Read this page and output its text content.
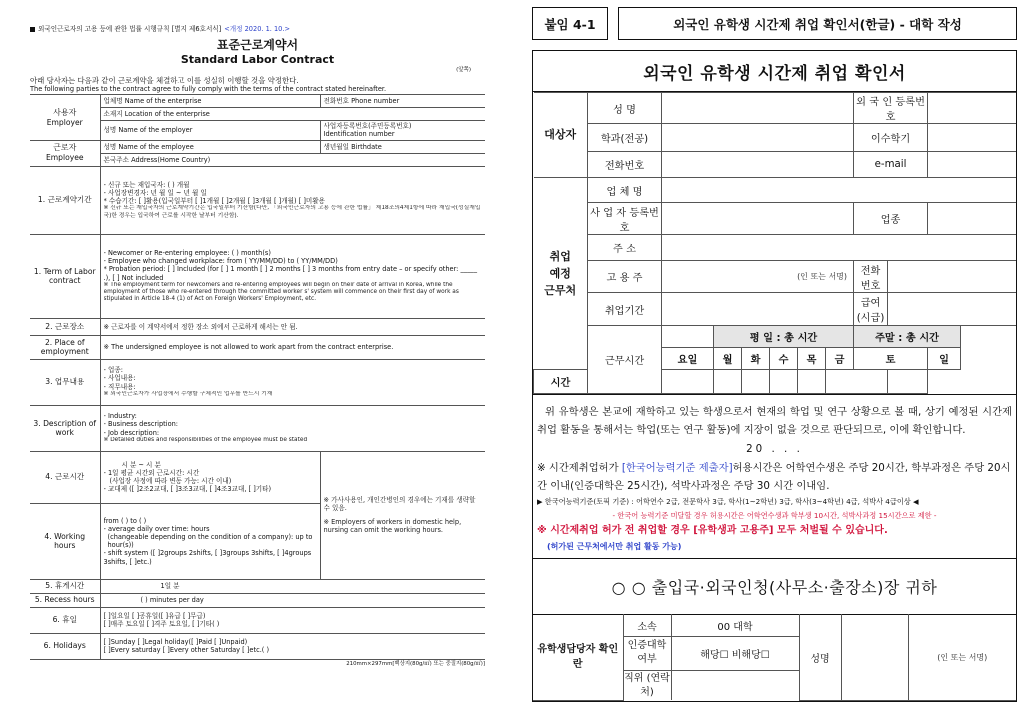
외국인근로자의 고용 등에 관한 법률 시행규칙 [별지 제6호서식] <개정 2020. 1. 10.>
표준근로계약서
Standard Labor Contract
(앞쪽)
아래 당사자는 다음과 같이 근로계약을 체결하고 이를 성실히 이행할 것을 약정한다.
The following parties to the contract agree to fully comply with the terms of the contract stated hereinafter.
사용자
Employer	업체명 Name of the enterprise	전화번호 Phone number
	소재지 Location of the enterprise	
	성명 Name of the employer	사업자등록번호(주민등록번호)
Identification number

근로자
Employee	성명 Name of the employee	생년월일 Birthdate
	본국주소 Address(Home Country)	
1. 근로계약기간	- 신규 또는 재입국자: ( ) 개월
- 사업장변경자: 년 월 일 ~ 년 월 일
* 수습기간: [ ]활용(입국일부터 [ ]1개월 [ ]2개월 [ ]3개월 [ ]개월) [ ]미활용
※ 신규 또는 재입국자의 근로계약기간은 입국일부터 기산함(다만, 「외국인근로자의 고용 등에 관한 법률」 제18조의4제1항에 따라 재입국(성실재입국)한 경우는 입국하여 근로를 시작한 날부터 기산함).	

1. Term of Labor contract	- Newcomer or Re-entering employee: ( ) month(s)
- Employee who changed workplace: from ( YY/MM/DD) to ( YY/MM/DD)
* Probation period: [ ] Included (for [ ] 1 month [ ] 2 months [ ] 3 months from entry date – or specify other: _____ .), [ ] Not included
※ The employment term for newcomers and re-entering employees will begin on their date of arrival in Korea, while the employment of those who re-entered through the committed worker s' system will commence on their first day of work as stipulated in Article 18-4 (1) of Act on Foreign Workers' Employment, etc.	

2. 근로장소	※ 근로자를 이 계약서에서 정한 장소 외에서 근로하게 해서는 안 됨.	
2. Place of employment	※ The undersigned employee is not allowed to work apart from the contract enterprise.	
3. 업무내용	- 업종:
- 사업내용:
- 직무내용:
※ 외국인근로자가 사업장에서 수행할 구체적인 업무를 반드시 기재	

3. Description of work	- Industry:
- Business description:
- Job description:
※ Detailed duties and responsibilities of the employee must be stated	

4. 근로시간	시 분 ~ 시 분
- 1일 평균 시간외 근로시간: 시간
(사업장 사정에 따라 변동 가능: 시간 이내)
- 교대제 ([ ]2조2교대, [ ]3조3교대, [ ]4조3교대, [ ]기타)	※ 가사사용인, 개인간병인의 경우에는 기재를 생략할 수 있음.
※ Employers of workers in domestic help, nursing can omit the working hours.

4. Working hours	from ( ) to ( )
- average daily over time: hours
(changeable depending on the condition of a company): up to hour(s))
- shift system ([ ]2groups 2shifts, [ ]3groups 3shifts, [ ]4groups 3shifts, [ ]etc.)	

5. 휴게시간	1일 분	
5. Recess hours	( ) minutes per day	
6. 휴일	[ ]일요일 [ ]공휴일([ ]유급 [ ]무급)
[ ]매주 토요일 [ ]격주 토요일, [ ]기타( )	

6. Holidays	[ ]Sunday [ ]Legal holiday([ ]Paid [ ]Unpaid)
[ ]Every saturday [ ]Every other Saturday [ ]etc.( )	
210mm×297mm[백상지(80g/㎡) 또는 중질지(80g/㎡)]
붙임 4-1	외국인 유학생 시간제 취업 확인서(한글) - 대학 작성
외국인 유학생 시간제 취업 확인서
대상자	성 명							외 국 인 등록번호		
	학과(전공)							이수학기		
	전화번호							e-mail		

취업
예정
근무처	업 체 명									
	사 업 자 등록번호							업종		
	주 소									
	고 용 주	(인 또는 서명)						전화 번호		
	취업기간							급여 (시급)		
	근무시간		평 일 : 총 시간					주말 : 총 시간		
		요일	월	화	수	목	금	토		일
시간										
위 유학생은 본교에 재학하고 있는 학생으로서 현재의 학업 및 연구 상황으로 볼 때, 상기 예정된 시간제취업 활동을 통해서는 학업(또는 연구 활동)에 지장이 없을 것으로 판단되므로, 이에 확인합니다.
20 . . .
※ 시간제취업허가 [한국어능력기준 제출자]허용시간은 어학연수생은 주당 20시간, 학부과정은 주당 20시간 이내(인증대학은 25시간), 석박사과정은 주당 30 시간 이내임.
▶ 한국어능력기준(토픽 기준) : 어학연수 2급, 전문학사 3급, 학사(1~2학년) 3급, 학사(3~4학년) 4급, 석박사 4급이상 ◀
- 한국어 능력기준 미달할 경우 허용시간은 어학연수생과 학부생 10시간, 석박사과정 15시간으로 제한 -
※ 시간제취업 허가 전 취업할 경우 [유학생과 고용주] 모두 처벌될 수 있습니다.
(허가된 근무처에서만 취업 활동 가능)
○ ○ 출입국·외국인청(사무소·출장소)장 귀하
유학생담당자 확인란	소속	00 대학	성명		(인 또는 서명)
	인증대학 여부	해당☐ 비해당☐			
	직위 (연락처)				
